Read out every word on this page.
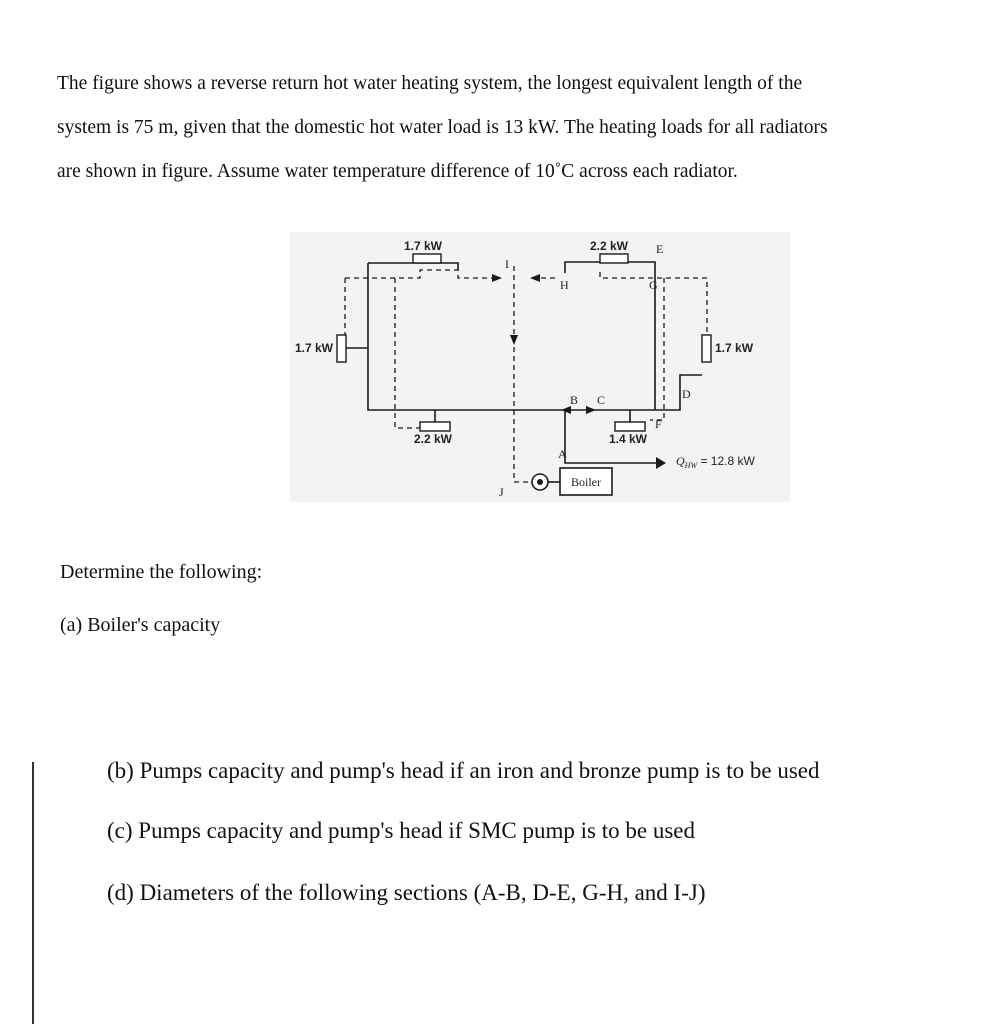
The figure shows a reverse return hot water heating system, the longest equivalent length of the
system is 75 m, given that the domestic hot water load is 13 kW. The heating loads for all radiators
are shown in figure. Assume water temperature difference of 10˚C across each radiator.

Boiler
1.7 kW	2.2 kW
1.7 kW	1.7 kW
2.2 kW	1.4 kW
A
B C	D
E
F
G
H
I
J
$Q_{HW} = 12.8$ kW

Determine the following:

(a) Boiler's capacity

(b) Pumps capacity and pump's head if an iron and bronze pump is to be used

(c) Pumps capacity and pump's head if SMC pump is to be used

(d) Diameters of the following sections (A-B, D-E, G-H, and I-J)
